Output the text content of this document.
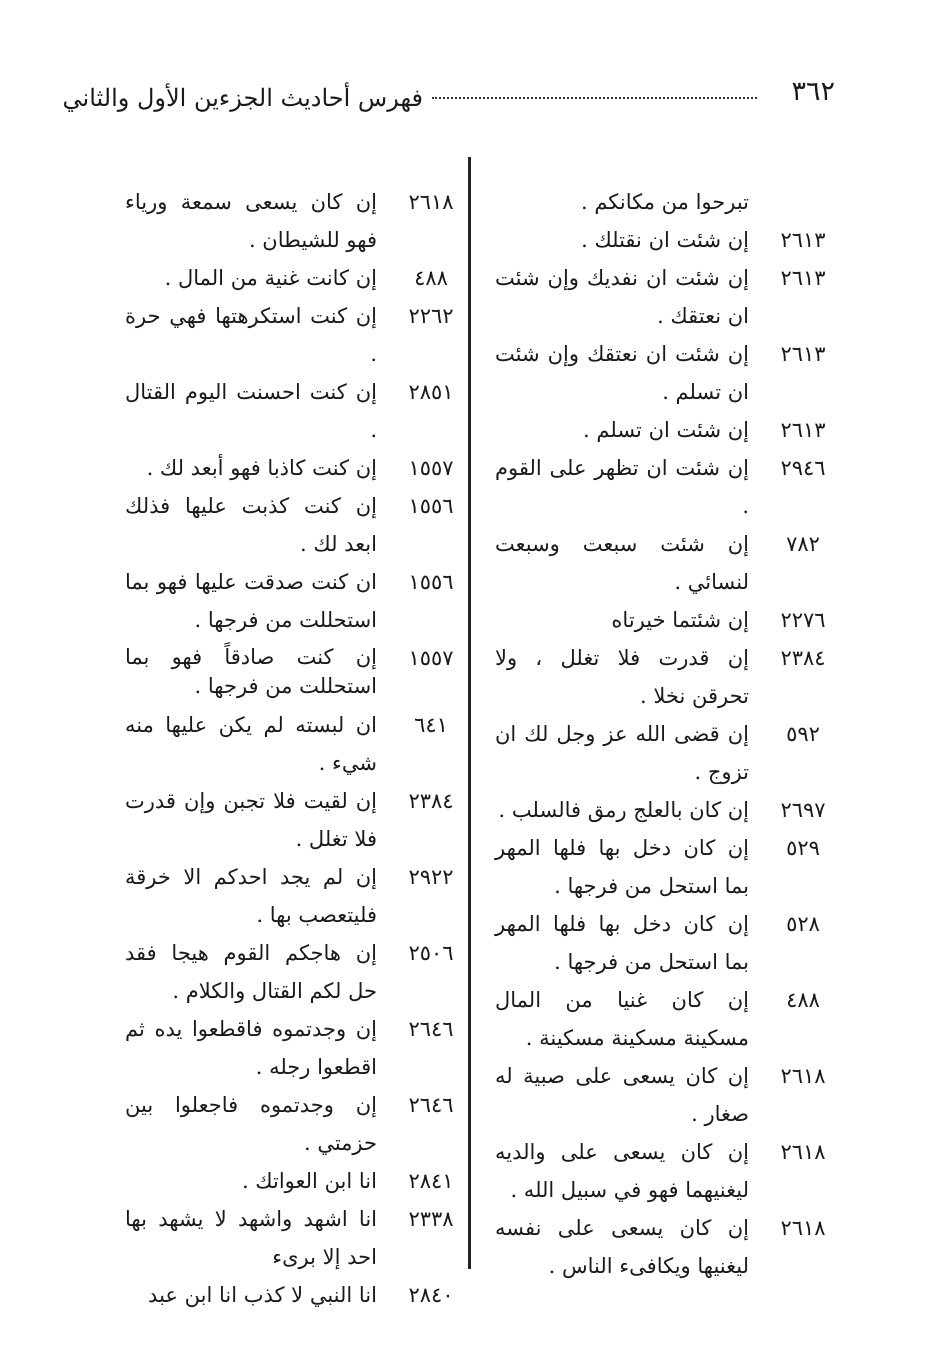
٣٦٢
فهرس أحاديث الجزءين الأول والثاني
تبرحوا من مكانكم .
٢٦١٣
إن شئت ان نقتلك .
٢٦١٣
إن شئت ان نفديك وإن شئت ان نعتقك .
٢٦١٣
إن شئت ان نعتقك وإن شئت ان تسلم .
٢٦١٣
إن شئت ان تسلم .
٢٩٤٦
إن شئت ان تظهر على القوم .
٧٨٢
إن شئت سبعت وسبعت لنسائي .
٢٢٧٦
إن شئتما خيرتاه
٢٣٨٤
إن قدرت فلا تغلل ، ولا تحرقن نخلا .
٥٩٢
إن قضى الله عز وجل لك ان تزوج .
٢٦٩٧
إن كان بالعلج رمق فالسلب .
٥٢٩
إن كان دخل بها فلها المهر بما استحل من فرجها .
٥٢٨
إن كان دخل بها فلها المهر بما استحل من فرجها .
٤٨٨
إن كان غنيا من المال مسكينة مسكينة مسكينة .
٢٦١٨
إن كان يسعى على صبية له صغار .
٢٦١٨
إن كان يسعى على والديه ليغنيهما فهو في سبيل الله .
٢٦١٨
إن كان يسعى على نفسه ليغنيها ويكافىء الناس .
٢٦١٨
إن كان يسعى سمعة ورياء فهو للشيطان .
٤٨٨
إن كانت غنية من المال .
٢٢٦٢
إن كنت استكرهتها فهي حرة .
٢٨٥١
إن كنت احسنت اليوم القتال .
١٥٥٧
إن كنت كاذبا فهو أبعد لك .
١٥٥٦
إن كنت كذبت عليها فذلك ابعد لك .
١٥٥٦
ان كنت صدقت عليها فهو بما استحللت من فرجها .
١٥٥٧
إن كنت صادقاً فهو بما استحللت من فرجها .
٦٤١
ان لبسته لم يكن عليها منه شيء .
٢٣٨٤
إن لقيت فلا تجبن وإن قدرت فلا تغلل .
٢٩٢٢
إن لم يجد احدكم الا خرقة فليتعصب بها .
٢٥٠٦
إن هاجكم القوم هيجا فقد حل لكم القتال والكلام .
٢٦٤٦
إن وجدتموه فاقطعوا يده ثم اقطعوا رجله .
٢٦٤٦
إن وجدتموه فاجعلوا بين حزمتي .
٢٨٤١
انا ابن العواتك .
٢٣٣٨
انا اشهد واشهد لا يشهد بها احد إلا برىء
٢٨٤٠
انا النبي لا كذب انا ابن عبد
